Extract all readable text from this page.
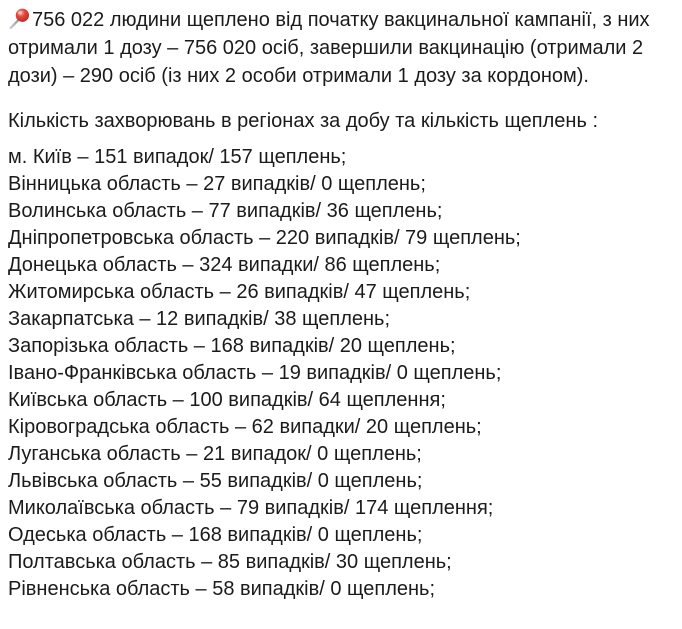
756 022 людини щеплено від початку вакцинальної кампанії, з них отримали 1 дозу – 756 020 осіб, завершили вакцинацію (отримали 2 дози) – 290 осіб (із них 2 особи отримали 1 дозу за кордоном).

Кількість захворювань в регіонах за добу та кількість щеплень :

м. Київ – 151 випадок/ 157 щеплень;
Вінницька область – 27 випадків/ 0 щеплень;
Волинська область – 77 випадків/ 36 щеплень;
Дніпропетровська область – 220 випадків/ 79 щеплень;
Донецька область – 324 випадки/ 86 щеплень;
Житомирська область – 26 випадків/ 47 щеплень;
Закарпатська – 12 випадків/ 38 щеплень;
Запорізька область – 168 випадків/ 20 щеплень;
Івано-Франківська область – 19 випадків/ 0 щеплень;
Київська область – 100 випадків/ 64 щеплення;
Кіровоградська область – 62 випадки/ 20 щеплень;
Луганська область – 21 випадок/ 0 щеплень;
Львівська область – 55 випадків/ 0 щеплень;
Миколаївська область – 79 випадків/ 174 щеплення;
Одеська область – 168 випадків/ 0 щеплень;
Полтавська область – 85 випадків/ 30 щеплень;
Рівненська область – 58 випадків/ 0 щеплень;
